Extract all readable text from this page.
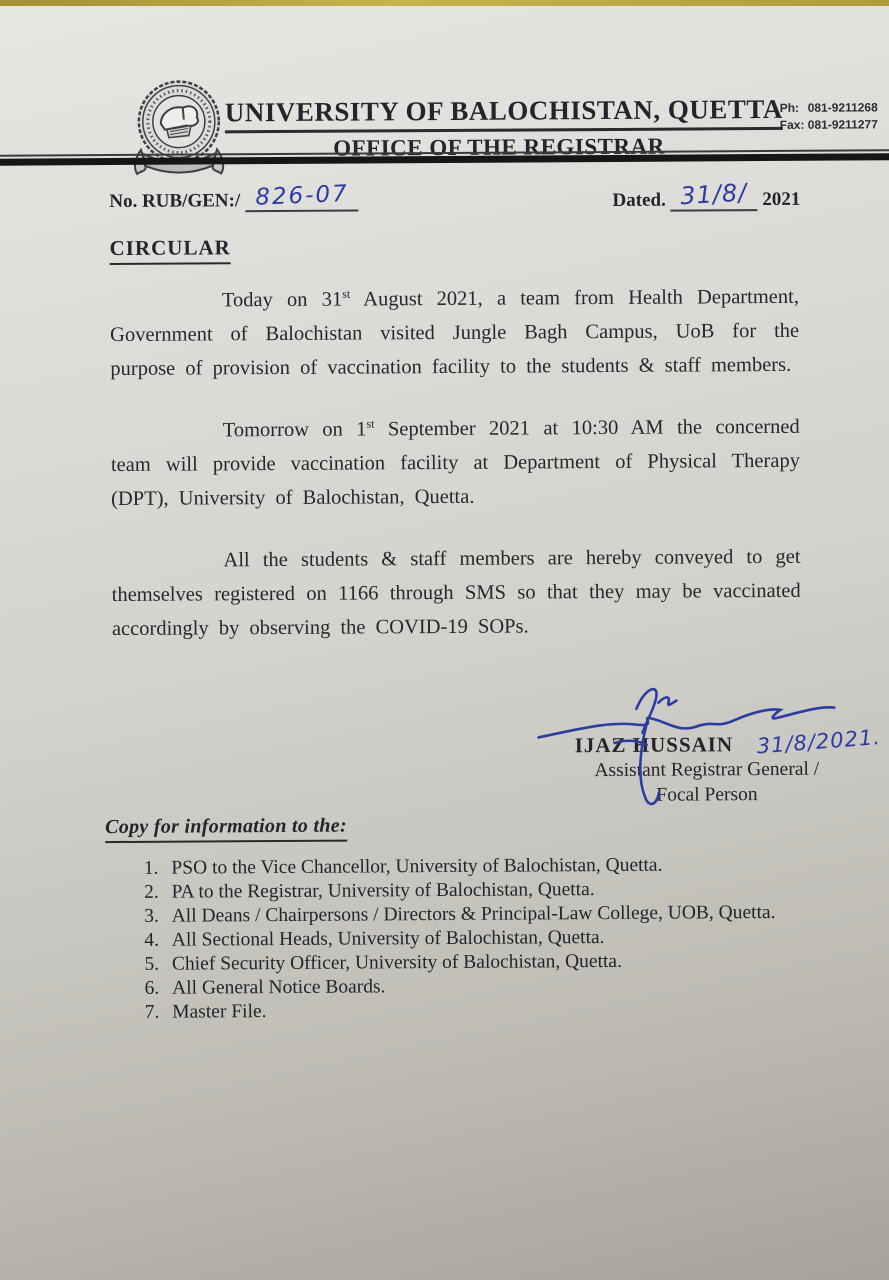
UNIVERSITY OF BALOCHISTAN, QUETTA
OFFICE OF THE REGISTRAR
Ph: 081-9211268
Fax: 081-9211277
No. RUB/GEN:/ 826-07	Dated. 31/8/ 2021
CIRCULAR

Today on 31st August 2021, a team from Health Department, Government of Balochistan visited Jungle Bagh Campus, UoB for the purpose of provision of vaccination facility to the students & staff members.

Tomorrow on 1st September 2021 at 10:30 AM the concerned team will provide vaccination facility at Department of Physical Therapy (DPT), University of Balochistan, Quetta.

All the students & staff members are hereby conveyed to get themselves registered on 1166 through SMS so that they may be vaccinated accordingly by observing the COVID-19 SOPs.

31/8/2021.
IJAZ HUSSAIN
Assistant Registrar General /
Focal Person
Copy for information to the:
1. PSO to the Vice Chancellor, University of Balochistan, Quetta.
2. PA to the Registrar, University of Balochistan, Quetta.
3. All Deans / Chairpersons / Directors & Principal-Law College, UOB, Quetta.
4. All Sectional Heads, University of Balochistan, Quetta.
5. Chief Security Officer, University of Balochistan, Quetta.
6. All General Notice Boards.
7. Master File.
